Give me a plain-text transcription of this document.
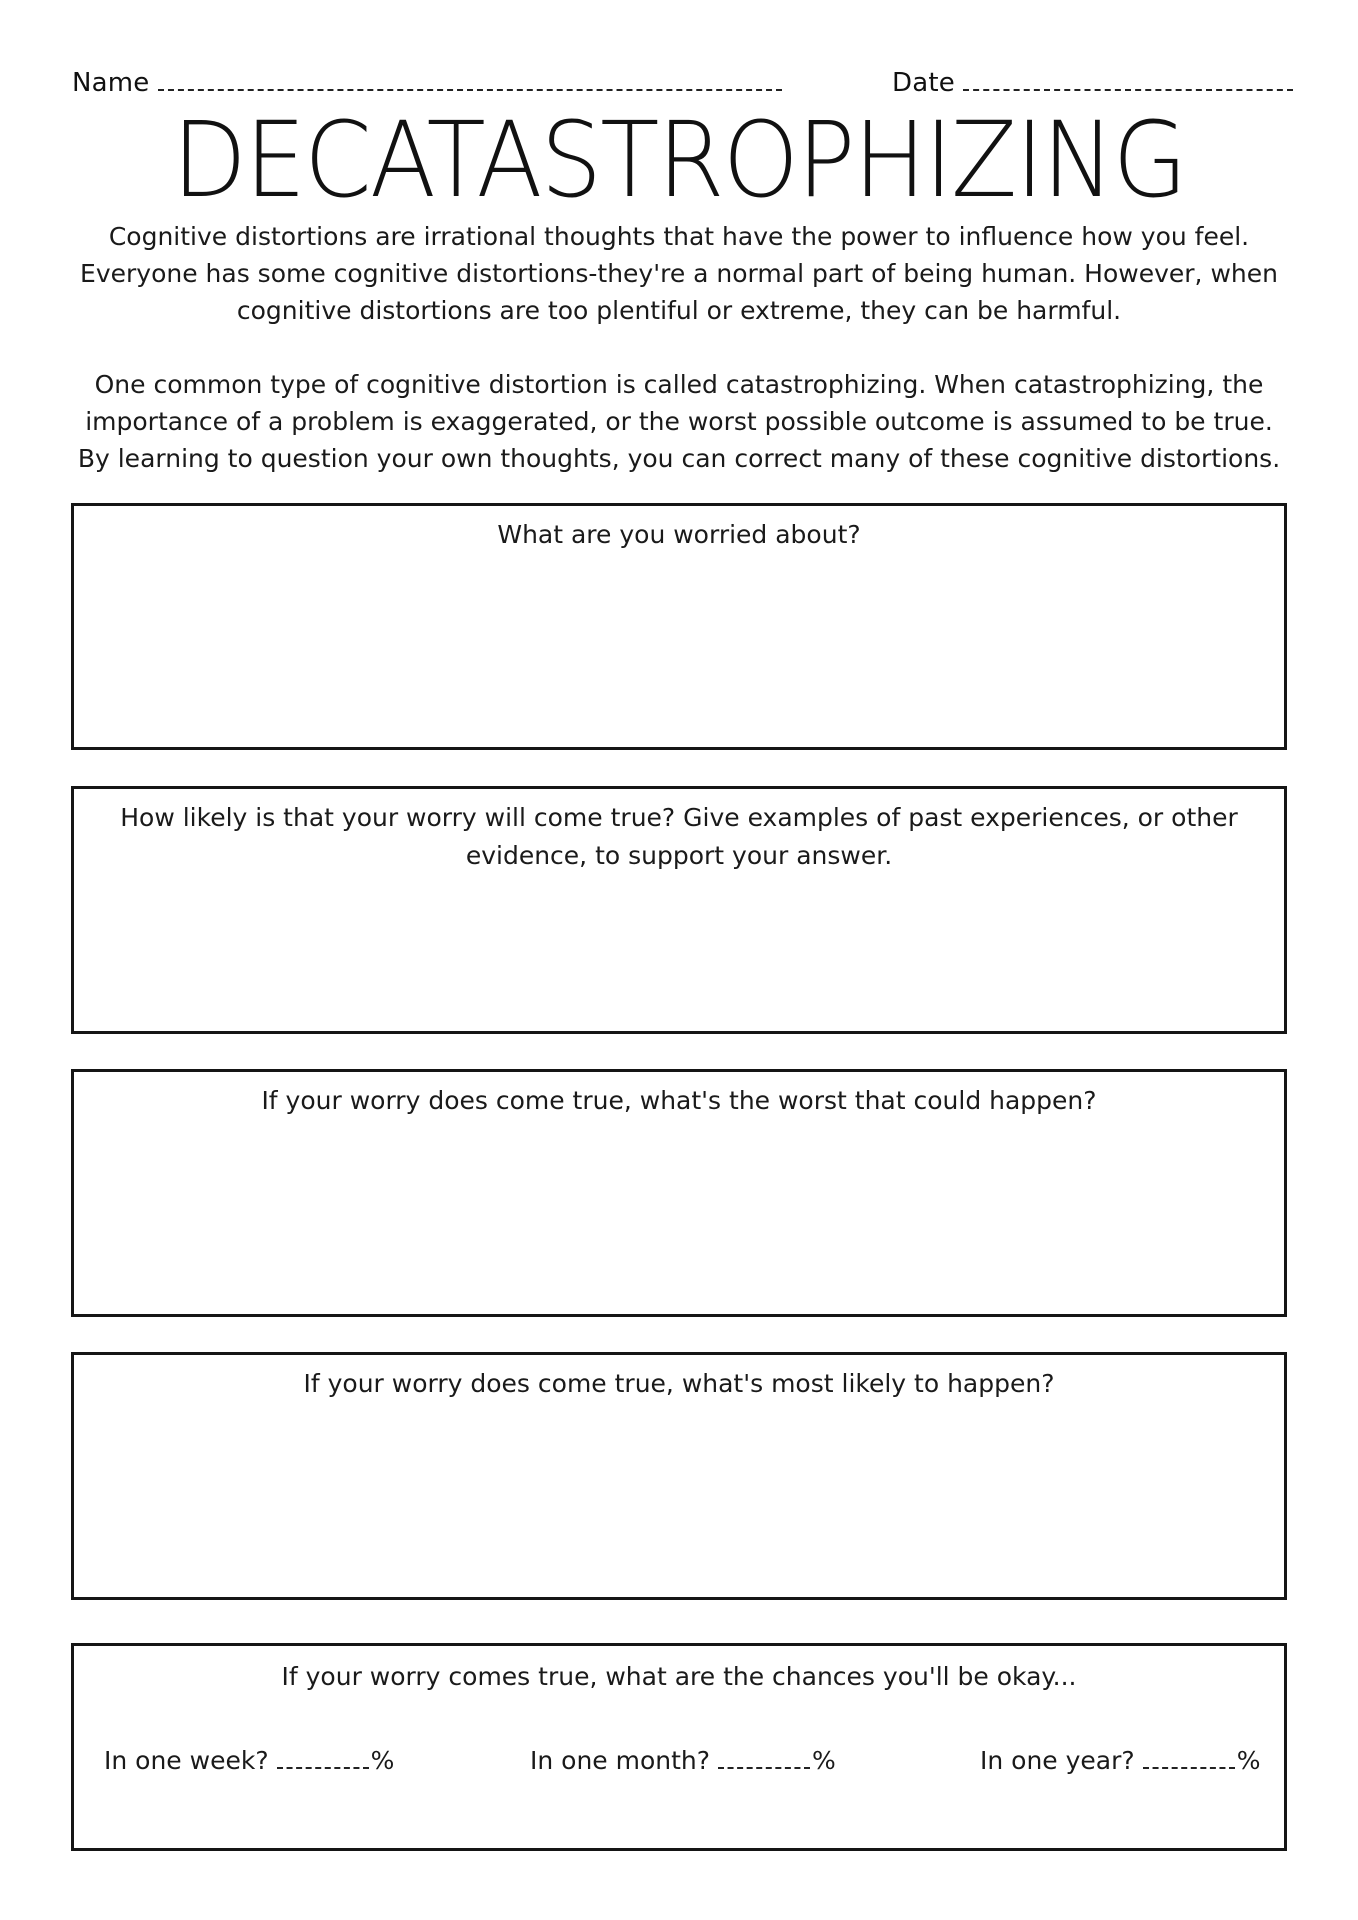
Name	Date
DECATASTROPHIZING
Cognitive distortions are irrational thoughts that have the power to influence how you feel. Everyone has some cognitive distortions-they're a normal part of being human. However, when cognitive distortions are too plentiful or extreme, they can be harmful.
One common type of cognitive distortion is called catastrophizing. When catastrophizing, the importance of a problem is exaggerated, or the worst possible outcome is assumed to be true. By learning to question your own thoughts, you can correct many of these cognitive distortions.
What are you worried about?
How likely is that your worry will come true? Give examples of past experiences, or other evidence, to support your answer.
If your worry does come true, what's the worst that could happen?
If your worry does come true, what's most likely to happen?
If your worry comes true, what are the chances you'll be okay...
In one week?	%	In one month?	%	In one year?	%
